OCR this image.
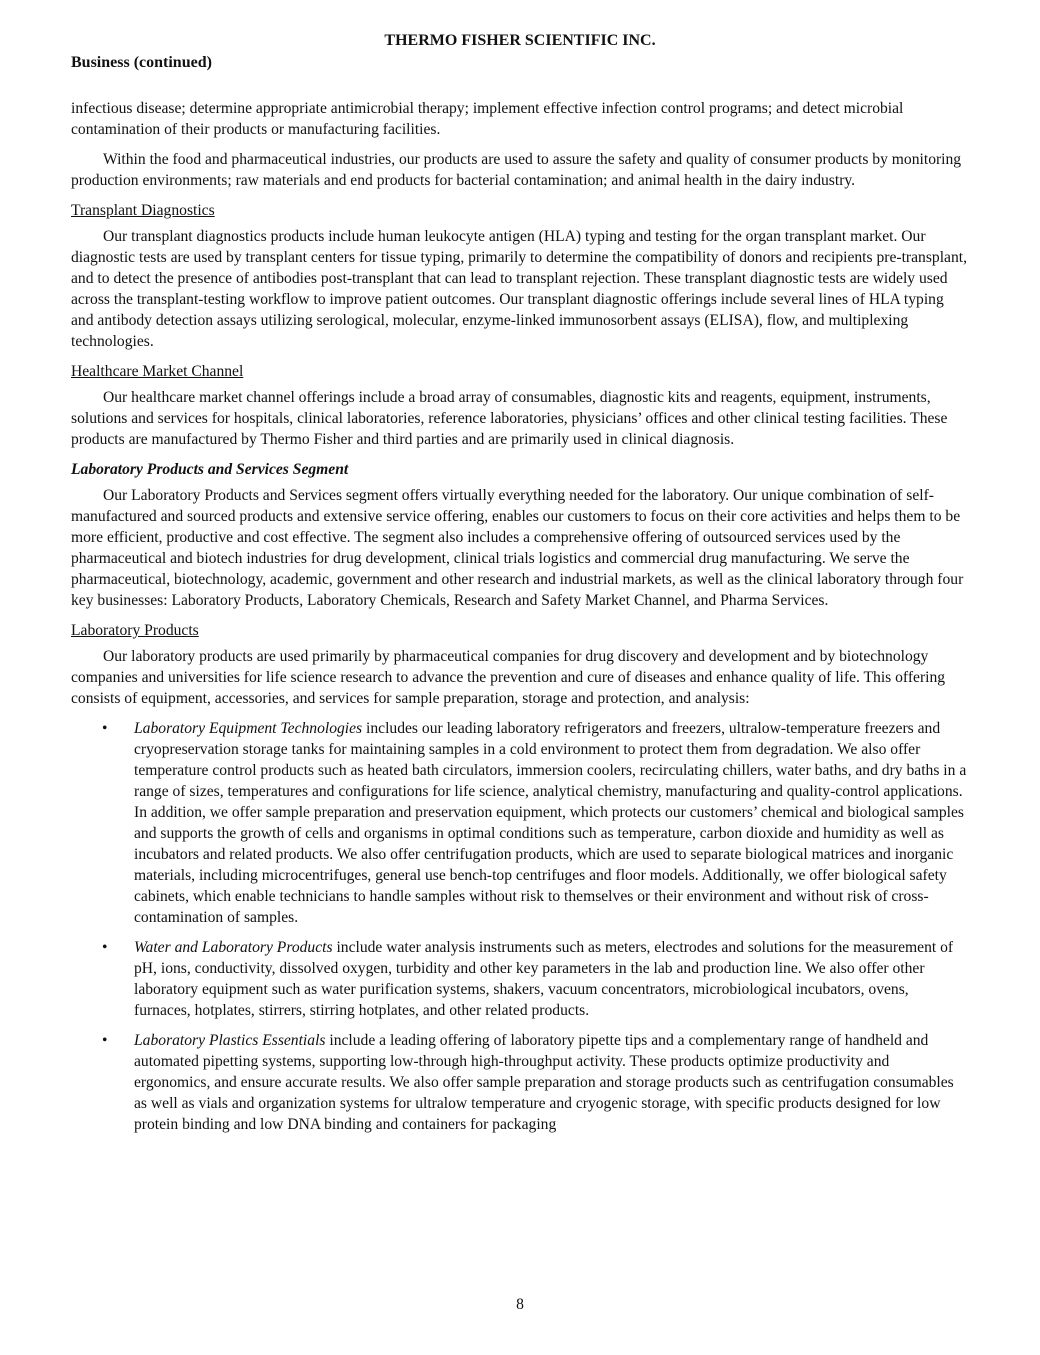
THERMO FISHER SCIENTIFIC INC.
Business (continued)

infectious disease; determine appropriate antimicrobial therapy; implement effective infection control programs; and detect microbial contamination of their products or manufacturing facilities.

Within the food and pharmaceutical industries, our products are used to assure the safety and quality of consumer products by monitoring production environments; raw materials and end products for bacterial contamination; and animal health in the dairy industry.

Transplant Diagnostics

Our transplant diagnostics products include human leukocyte antigen (HLA) typing and testing for the organ transplant market. Our diagnostic tests are used by transplant centers for tissue typing, primarily to determine the compatibility of donors and recipients pre-transplant, and to detect the presence of antibodies post-transplant that can lead to transplant rejection. These transplant diagnostic tests are widely used across the transplant-testing workflow to improve patient outcomes. Our transplant diagnostic offerings include several lines of HLA typing and antibody detection assays utilizing serological, molecular, enzyme-linked immunosorbent assays (ELISA), flow, and multiplexing technologies.

Healthcare Market Channel

Our healthcare market channel offerings include a broad array of consumables, diagnostic kits and reagents, equipment, instruments, solutions and services for hospitals, clinical laboratories, reference laboratories, physicians’ offices and other clinical testing facilities. These products are manufactured by Thermo Fisher and third parties and are primarily used in clinical diagnosis.

Laboratory Products and Services Segment

Our Laboratory Products and Services segment offers virtually everything needed for the laboratory. Our unique combination of self-manufactured and sourced products and extensive service offering, enables our customers to focus on their core activities and helps them to be more efficient, productive and cost effective. The segment also includes a comprehensive offering of outsourced services used by the pharmaceutical and biotech industries for drug development, clinical trials logistics and commercial drug manufacturing. We serve the pharmaceutical, biotechnology, academic, government and other research and industrial markets, as well as the clinical laboratory through four key businesses: Laboratory Products, Laboratory Chemicals, Research and Safety Market Channel, and Pharma Services.

Laboratory Products

Our laboratory products are used primarily by pharmaceutical companies for drug discovery and development and by biotechnology companies and universities for life science research to advance the prevention and cure of diseases and enhance quality of life. This offering consists of equipment, accessories, and services for sample preparation, storage and protection, and analysis:

• Laboratory Equipment Technologies includes our leading laboratory refrigerators and freezers, ultralow-temperature freezers and cryopreservation storage tanks for maintaining samples in a cold environment to protect them from degradation. We also offer temperature control products such as heated bath circulators, immersion coolers, recirculating chillers, water baths, and dry baths in a range of sizes, temperatures and configurations for life science, analytical chemistry, manufacturing and quality-control applications. In addition, we offer sample preparation and preservation equipment, which protects our customers’ chemical and biological samples and supports the growth of cells and organisms in optimal conditions such as temperature, carbon dioxide and humidity as well as incubators and related products. We also offer centrifugation products, which are used to separate biological matrices and inorganic materials, including microcentrifuges, general use bench-top centrifuges and floor models. Additionally, we offer biological safety cabinets, which enable technicians to handle samples without risk to themselves or their environment and without risk of cross-contamination of samples.
• Water and Laboratory Products include water analysis instruments such as meters, electrodes and solutions for the measurement of pH, ions, conductivity, dissolved oxygen, turbidity and other key parameters in the lab and production line. We also offer other laboratory equipment such as water purification systems, shakers, vacuum concentrators, microbiological incubators, ovens, furnaces, hotplates, stirrers, stirring hotplates, and other related products.
• Laboratory Plastics Essentials include a leading offering of laboratory pipette tips and a complementary range of handheld and automated pipetting systems, supporting low-through high-throughput activity. These products optimize productivity and ergonomics, and ensure accurate results. We also offer sample preparation and storage products such as centrifugation consumables as well as vials and organization systems for ultralow temperature and cryogenic storage, with specific products designed for low protein binding and low DNA binding and containers for packaging
8
